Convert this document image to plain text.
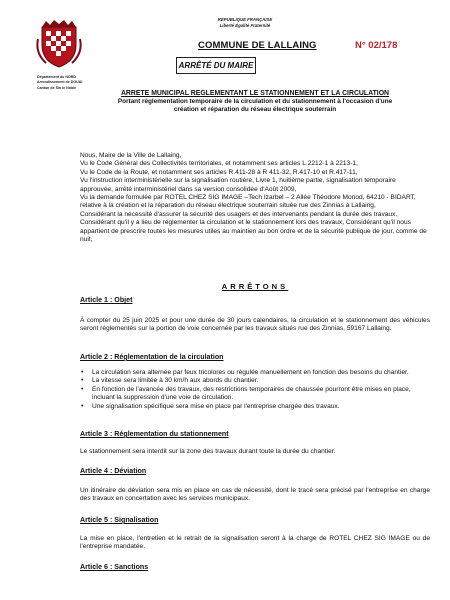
Département du NORD
Arrondissement de DOUAI
Canton de Sin le Noble
RÉPUBLIQUE FRANÇAISE
Liberté Égalité Fraternité
COMMUNE DE LALLAING	N° 02/178
ARRÊTÉ DU MAIRE
ARRETE MUNICIPAL REGLEMENTANT LE STATIONNEMENT ET LA CIRCULATION
Portant réglementation temporaire de la circulation et du stationnement à l'occasion d'une
création et réparation du réseau électrique souterrain

Nous, Maire de la Ville de Lallaing,

Vu le Code Général des Collectivités territoriales, et notamment ses articles L.2212-1 à 2213-1,

Vu le Code de la Route, et notamment ses articles R.411-28 à R 411-32, R.417-10 et R.417-11,

Vu l'instruction interministérielle sur la signalisation routière, Livre 1, huitième partie, signalisation temporaire approuvée, arrêté interministériel dans sa version consolidée d'Août 2009,

Vu la demande formulée par ROTEL CHEZ SIG IMAGE –Tech Izarbel – 2 Allée Théodore Monod, 64210 - BIDART, relative à la création et la réparation du réseau électrique souterrain située rue des Zinnias à Lallaing,

Considérant la nécessité d'assurer la sécurité des usagers et des intervenants pendant la durée des travaux,

Considérant qu'il y a lieu de réglementer la circulation et le stationnement lors des travaux, Considérant qu'il nous appartient de prescrire toutes les mesures utiles au maintien au bon ordre et de la sécurité publique de jour, comme de nuit,

ARRÊTONS
Article 1 : Objet

À compter du 25 juin 2025 et pour une durée de 30 jours calendaires, la circulation et le stationnement des véhicules seront réglementés sur la portion de voie concernée par les travaux situés rue des Zinnias, 59167 Lallaing.

Article 2 : Réglementation de la circulation
• La circulation sera alternée par feux tricolores ou régulée manuellement en fonction des besoins du chantier.
• La vitesse sera limitée à 30 km/h aux abords du chantier.
• En fonction de l'avancée des travaux, des restrictions temporaires de chaussée pourront être mises en place, incluant la suppression d'une voie de circulation.
• Une signalisation spécifique sera mise en place par l'entreprise chargée des travaux.
Article 3 : Réglementation du stationnement

Le stationnement sera interdit sur la zone des travaux durant toute la durée du chantier.

Article 4 : Déviation

Un itinéraire de déviation sera mis en place en cas de nécessité, dont le tracé sera précisé par l'entreprise en charge des travaux en concertation avec les services municipaux.

Article 5 : Signalisation

La mise en place, l'entretien et le retrait de la signalisation seront à la charge de ROTEL CHEZ SIG IMAGE ou de l'entreprise mandatée.

Article 6 : Sanctions
